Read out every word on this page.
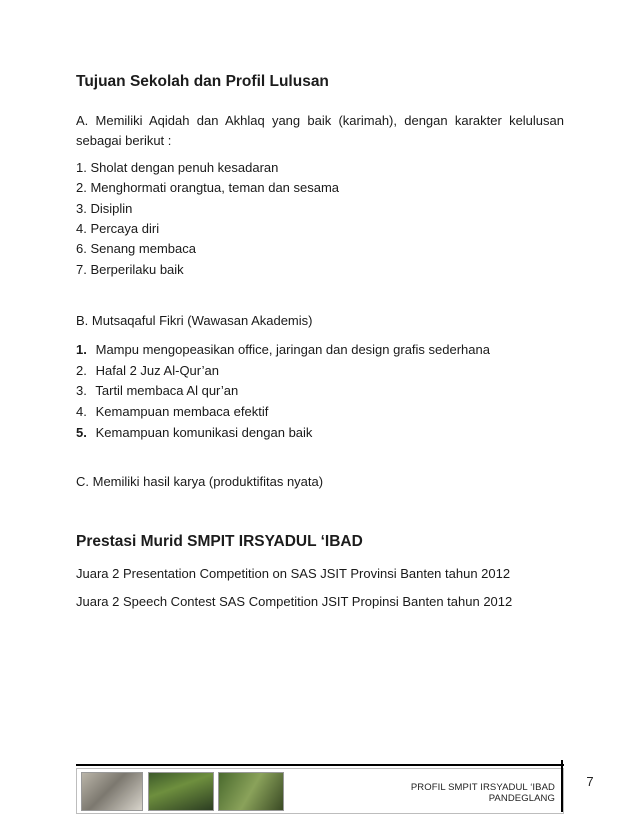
Tujuan Sekolah dan Profil Lulusan
A. Memiliki Aqidah dan Akhlaq yang baik (karimah), dengan karakter kelulusan sebagai berikut :
1. Sholat dengan penuh kesadaran
2. Menghormati orangtua, teman dan sesama
3. Disiplin
4. Percaya diri
6. Senang membaca
7. Berperilaku baik
B. Mutsaqaful Fikri (Wawasan Akademis)
1. Mampu mengopeasikan office, jaringan dan design grafis sederhana
2. Hafal 2 Juz Al-Qur’an
3. Tartil membaca Al qur’an
4. Kemampuan membaca efektif
5. Kemampuan komunikasi dengan baik
C. Memiliki hasil karya (produktifitas nyata)
Prestasi Murid SMPIT IRSYADUL ‘IBAD
Juara 2 Presentation Competition on SAS JSIT Provinsi Banten tahun 2012
Juara 2 Speech Contest SAS Competition JSIT Propinsi Banten tahun 2012
PROFIL SMPIT IRSYADUL ‘IBAD PANDEGLANG
7
